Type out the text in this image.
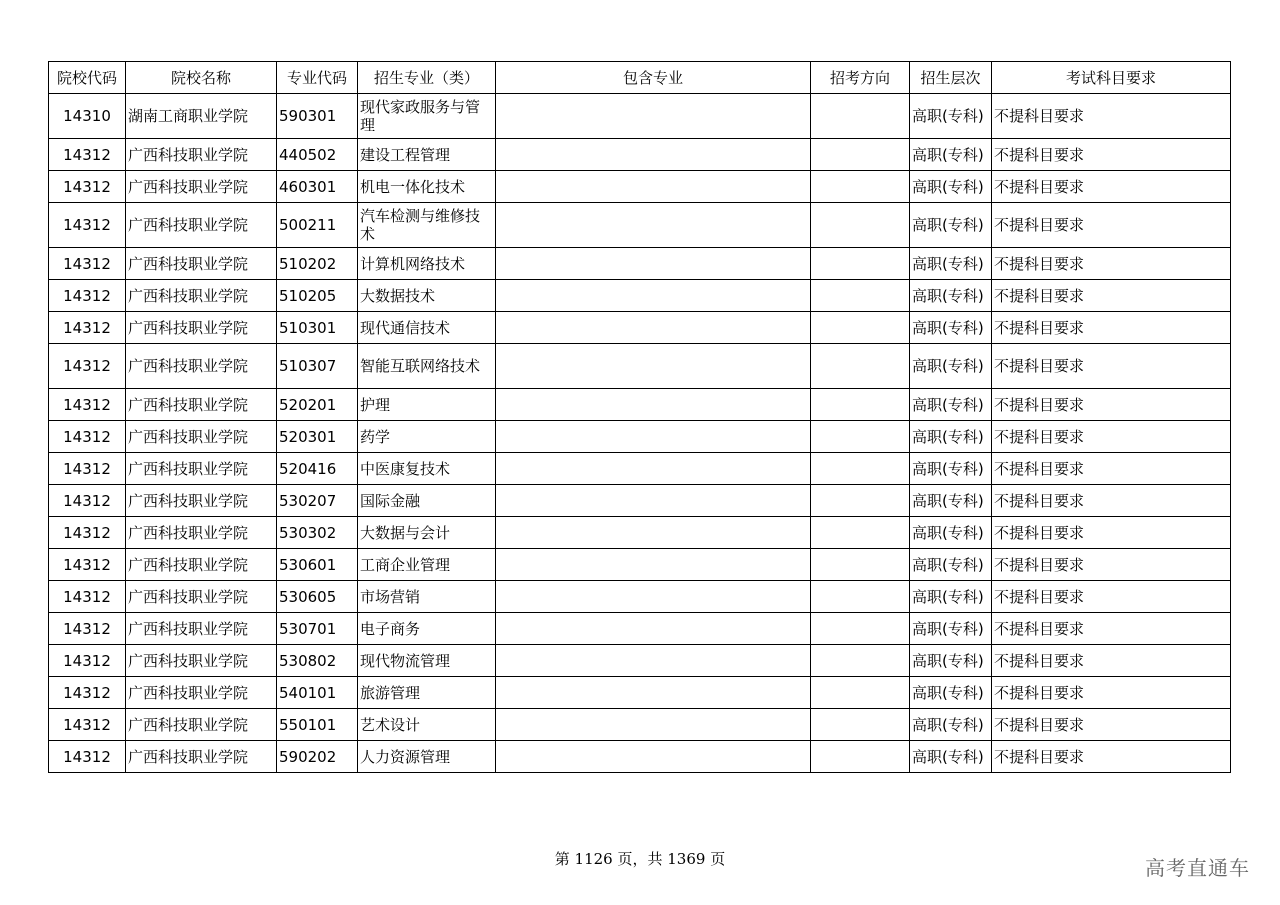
院校代码	院校名称	专业代码	招生专业（类）	包含专业	招考方向	招生层次	考试科目要求
14310	湖南工商职业学院	590301	现代家政服务与管理			高职(专科)	不提科目要求
14312	广西科技职业学院	440502	建设工程管理			高职(专科)	不提科目要求
14312	广西科技职业学院	460301	机电一体化技术			高职(专科)	不提科目要求
14312	广西科技职业学院	500211	汽车检测与维修技术			高职(专科)	不提科目要求
14312	广西科技职业学院	510202	计算机网络技术			高职(专科)	不提科目要求
14312	广西科技职业学院	510205	大数据技术			高职(专科)	不提科目要求
14312	广西科技职业学院	510301	现代通信技术			高职(专科)	不提科目要求
14312	广西科技职业学院	510307	智能互联网络技术			高职(专科)	不提科目要求
14312	广西科技职业学院	520201	护理			高职(专科)	不提科目要求
14312	广西科技职业学院	520301	药学			高职(专科)	不提科目要求
14312	广西科技职业学院	520416	中医康复技术			高职(专科)	不提科目要求
14312	广西科技职业学院	530207	国际金融			高职(专科)	不提科目要求
14312	广西科技职业学院	530302	大数据与会计			高职(专科)	不提科目要求
14312	广西科技职业学院	530601	工商企业管理			高职(专科)	不提科目要求
14312	广西科技职业学院	530605	市场营销			高职(专科)	不提科目要求
14312	广西科技职业学院	530701	电子商务			高职(专科)	不提科目要求
14312	广西科技职业学院	530802	现代物流管理			高职(专科)	不提科目要求
14312	广西科技职业学院	540101	旅游管理			高职(专科)	不提科目要求
14312	广西科技职业学院	550101	艺术设计			高职(专科)	不提科目要求
14312	广西科技职业学院	590202	人力资源管理			高职(专科)	不提科目要求
第 1126 页，共 1369 页	高考直通车
